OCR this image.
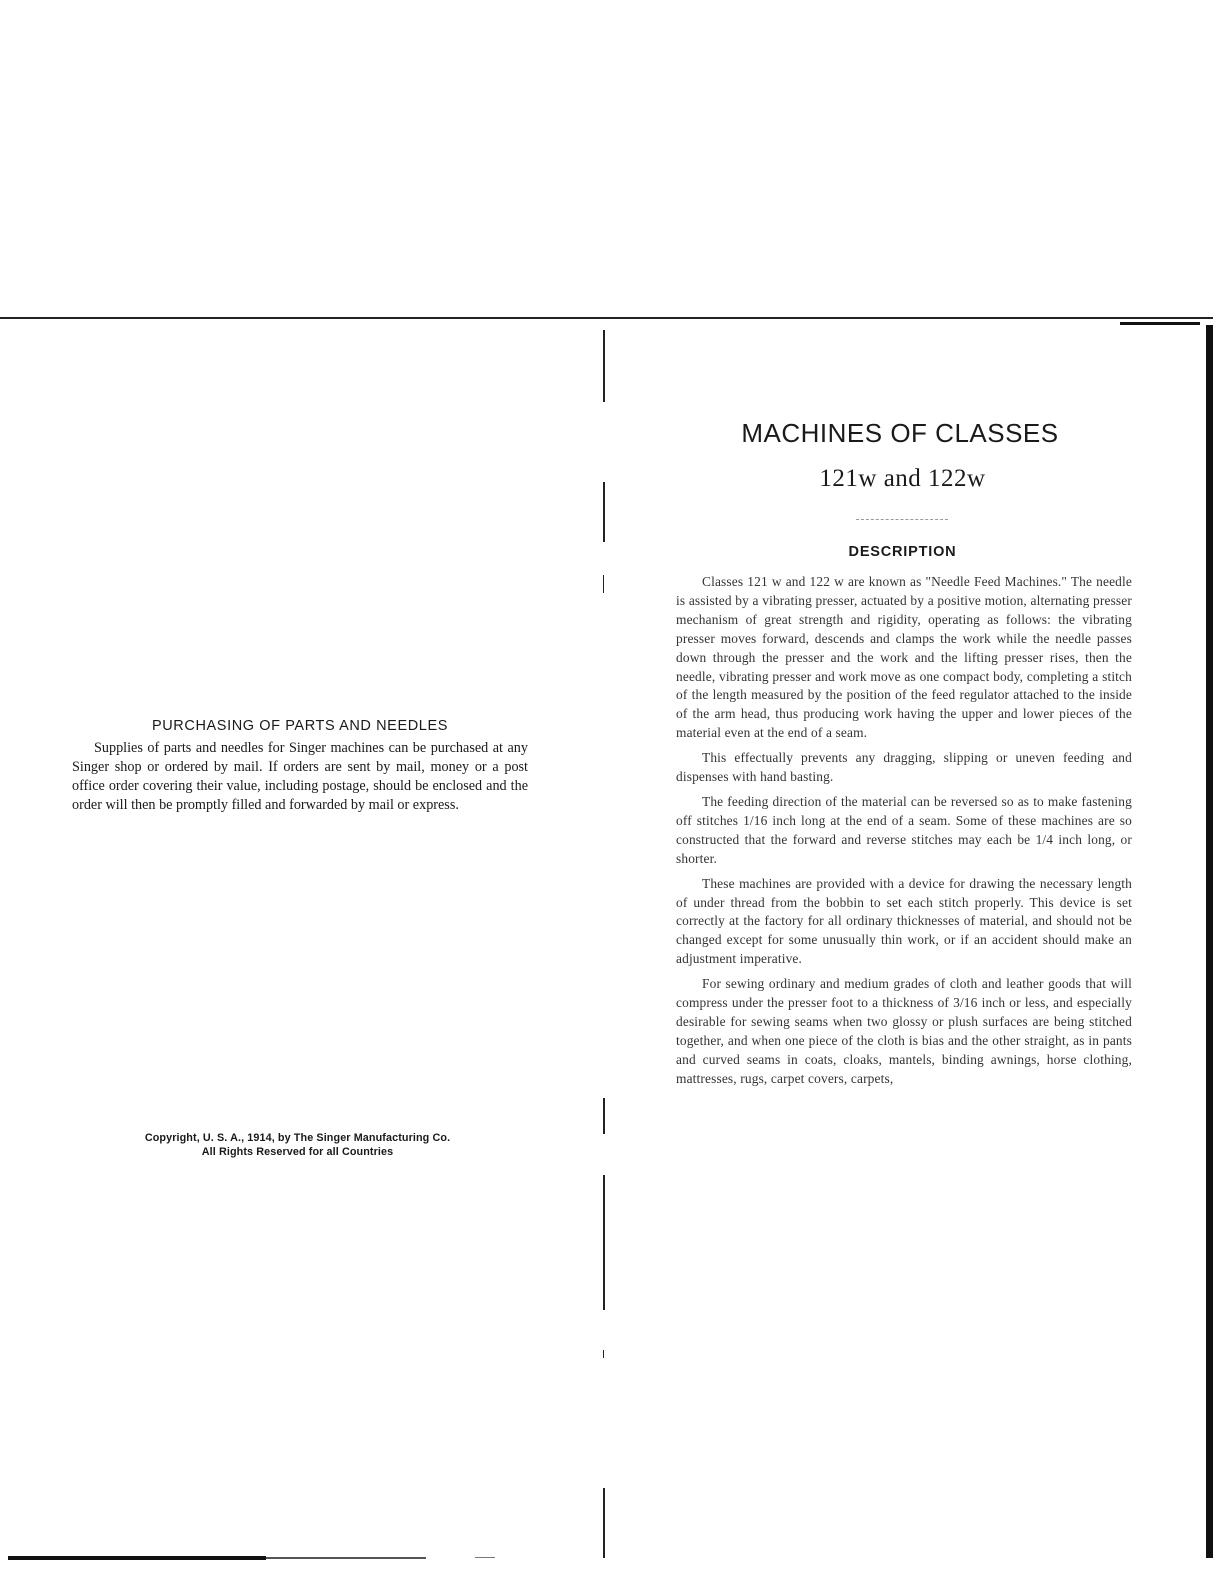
PURCHASING OF PARTS AND NEEDLES

Supplies of parts and needles for Singer machines can be purchased at any Singer shop or ordered by mail. If orders are sent by mail, money or a post office order covering their value, including postage, should be enclosed and the order will then be promptly filled and forwarded by mail or express.

Copyright, U. S. A., 1914, by The Singer Manufacturing Co.
All Rights Reserved for all Countries
MACHINES OF CLASSES
121w and 122w
DESCRIPTION

Classes 121 w and 122 w are known as "Needle Feed Machines." The needle is assisted by a vibrating presser, actuated by a positive motion, alternating presser mechanism of great strength and rigidity, operating as follows: the vibrating presser moves forward, descends and clamps the work while the needle passes down through the presser and the work and the lifting presser rises, then the needle, vibrating presser and work move as one compact body, completing a stitch of the length measured by the position of the feed regulator attached to the inside of the arm head, thus producing work having the upper and lower pieces of the material even at the end of a seam.

This effectually prevents any dragging, slipping or uneven feeding and dispenses with hand basting.

The feeding direction of the material can be reversed so as to make fastening off stitches 1/16 inch long at the end of a seam. Some of these machines are so constructed that the forward and reverse stitches may each be 1/4 inch long, or shorter.

These machines are provided with a device for drawing the necessary length of under thread from the bobbin to set each stitch properly. This device is set correctly at the factory for all ordinary thicknesses of material, and should not be changed except for some unusually thin work, or if an accident should make an adjustment imperative.

For sewing ordinary and medium grades of cloth and leather goods that will compress under the presser foot to a thickness of 3/16 inch or less, and especially desirable for sewing seams when two glossy or plush surfaces are being stitched together, and when one piece of the cloth is bias and the other straight, as in pants and curved seams in coats, cloaks, mantels, binding awnings, horse clothing, mattresses, rugs, carpet covers, carpets,
